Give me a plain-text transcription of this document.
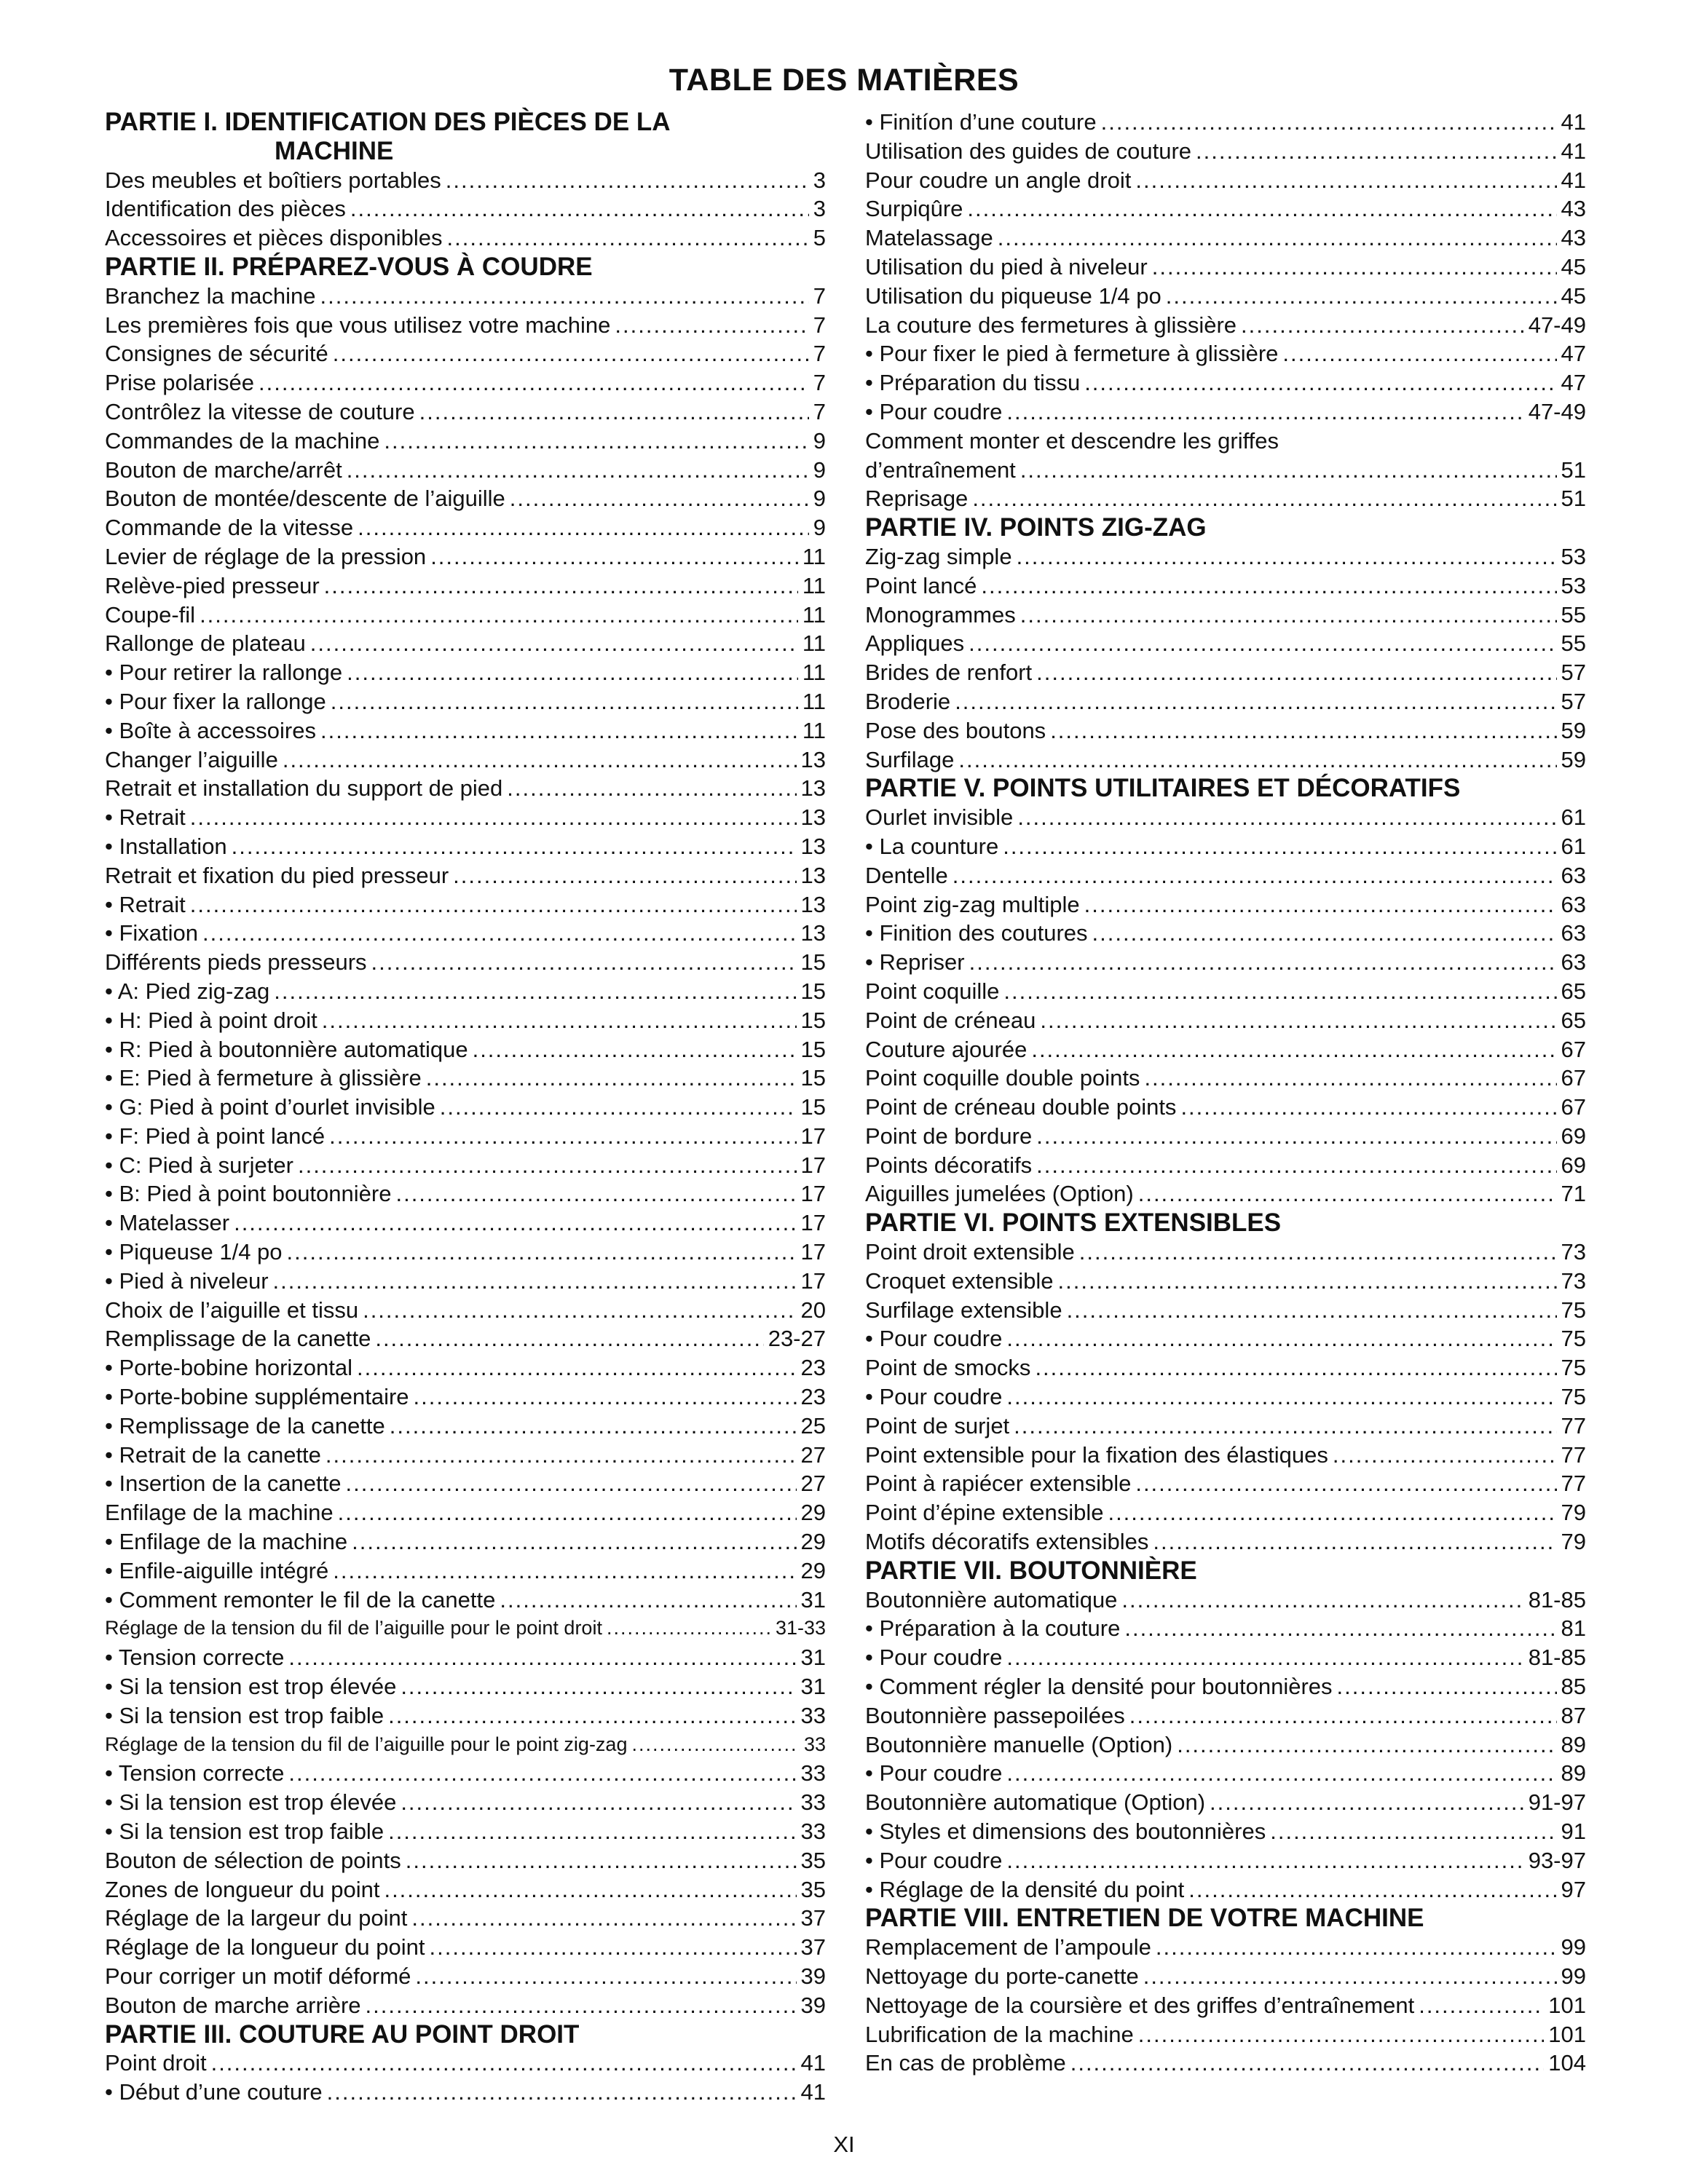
TABLE DES MATIÈRES
PARTIE I. IDENTIFICATION DES PIÈCES DE LA
MACHINE
Des meubles et boîtiers portables .....	3
Identification des pièces .....	3
Accessoires et pièces disponibles .....	5
PARTIE II. PRÉPAREZ-VOUS À COUDRE
Branchez la machine .....	7
Les premières fois que vous utilisez votre machine .....	7
Consignes de sécurité .....	7
Prise polarisée .....	7
Contrôlez la vitesse de couture .....	7
Commandes de la machine .....	9
Bouton de marche/arrêt .....	9
Bouton de montée/descente de l’aiguille .....	9
Commande de la vitesse .....	9
Levier de réglage de la pression .....	11
Relève-pied presseur .....	11
Coupe-fil .....	11
Rallonge de plateau .....	11
• Pour retirer la rallonge .....	11
• Pour fixer la rallonge .....	11
• Boîte à accessoires .....	11
Changer l’aiguille .....	13
Retrait et installation du support de pied .....	13
• Retrait .....	13
• Installation .....	13
Retrait et fixation du pied presseur .....	13
• Retrait .....	13
• Fixation .....	13
Différents pieds presseurs .....	15
• A: Pied zig-zag .....	15
• H: Pied à point droit .....	15
• R: Pied à boutonnière automatique .....	15
• E: Pied à fermeture à glissière .....	15
• G: Pied à point d’ourlet invisible .....	15
• F: Pied à point lancé .....	17
• C: Pied à surjeter .....	17
• B: Pied à point boutonnière .....	17
• Matelasser .....	17
• Piqueuse 1/4 po .....	17
• Pied à niveleur .....	17
Choix de l’aiguille et tissu .....	20
Remplissage de la canette .....	23-27
• Porte-bobine horizontal .....	23
• Porte-bobine supplémentaire .....	23
• Remplissage de la canette .....	25
• Retrait de la canette .....	27
• Insertion de la canette .....	27
Enfilage de la machine .....	29
• Enfilage de la machine .....	29
• Enfile-aiguille intégré .....	29
• Comment remonter le fil de la canette .....	31
Réglage de la tension du fil de l’aiguille pour le point droit .....	31-33
• Tension correcte .....	31
• Si la tension est trop élevée .....	31
• Si la tension est trop faible .....	33
Réglage de la tension du fil de l’aiguille pour le point zig-zag .....	33
• Tension correcte .....	33
• Si la tension est trop élevée .....	33
• Si la tension est trop faible .....	33
Bouton de sélection de points .....	35
Zones de longueur du point .....	35
Réglage de la largeur du point .....	37
Réglage de la longueur du point .....	37
Pour corriger un motif déformé .....	39
Bouton de marche arrière .....	39
PARTIE III. COUTURE AU POINT DROIT
Point droit .....	41
• Début d’une couture .....	41
• Finitíon d’une couture .....	41
Utilisation des guides de couture .....	41
Pour coudre un angle droit .....	41
Surpiqûre .....	43
Matelassage .....	43
Utilisation du pied à niveleur .....	45
Utilisation du piqueuse 1/4 po .....	45
La couture des fermetures à glissière .....	47-49
• Pour fixer le pied à fermeture à glissière .....	47
• Préparation du tissu .....	47
• Pour coudre .....	47-49
Comment monter et descendre les griffes
d’entraînement .....	51
Reprisage .....	51
PARTIE IV. POINTS ZIG-ZAG
Zig-zag simple .....	53
Point lancé .....	53
Monogrammes .....	55
Appliques .....	55
Brides de renfort .....	57
Broderie .....	57
Pose des boutons .....	59
Surfilage .....	59
PARTIE V. POINTS UTILITAIRES ET DÉCORATIFS
Ourlet invisible .....	61
• La counture .....	61
Dentelle .....	63
Point zig-zag multiple .....	63
• Finition des coutures .....	63
• Repriser .....	63
Point coquille .....	65
Point de créneau .....	65
Couture ajourée .....	67
Point coquille double points .....	67
Point de créneau double points .....	67
Point de bordure .....	69
Points décoratifs .....	69
Aiguilles jumelées (Option) .....	71
PARTIE VI. POINTS EXTENSIBLES
Point droit extensible .....	73
Croquet extensible .....	73
Surfilage extensible .....	75
• Pour coudre .....	75
Point de smocks .....	75
• Pour coudre .....	75
Point de surjet .....	77
Point extensible pour la fixation des élastiques .....	77
Point à rapiécer extensible .....	77
Point d’épine extensible .....	79
Motifs décoratifs extensibles .....	79
PARTIE VII. BOUTONNIÈRE
Boutonnière automatique .....	81-85
• Préparation à la couture .....	81
• Pour coudre .....	81-85
• Comment régler la densité pour boutonnières .....	85
Boutonnière passepoilées .....	87
Boutonnière manuelle (Option) .....	89
• Pour coudre .....	89
Boutonnière automatique (Option) .....	91-97
• Styles et dimensions des boutonnières .....	91
• Pour coudre .....	93-97
• Réglage de la densité du point .....	97
PARTIE VIII. ENTRETIEN DE VOTRE MACHINE
Remplacement de l’ampoule .....	99
Nettoyage du porte-canette .....	99
Nettoyage de la coursière et des griffes d’entraînement .....	101
Lubrification de la machine .....	101
En cas de problème .....	104
XI
